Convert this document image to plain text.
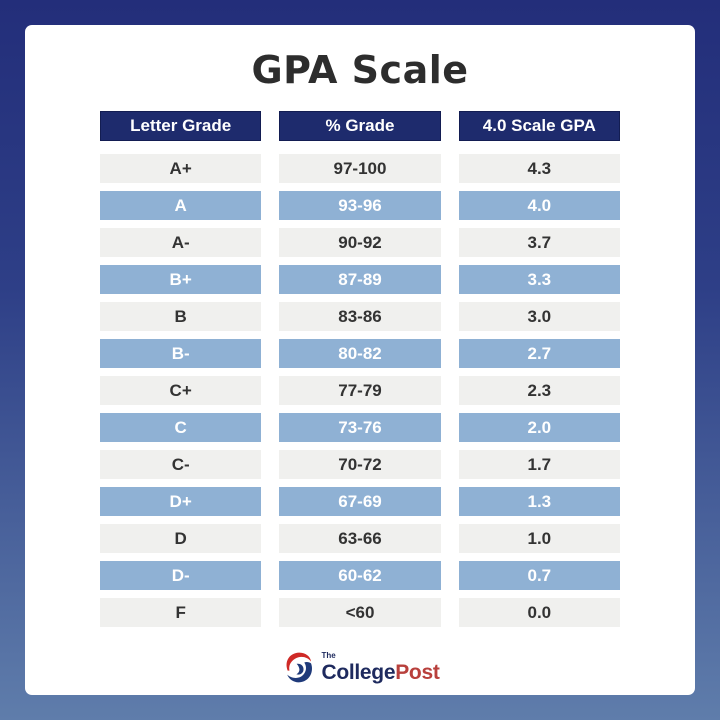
GPA Scale
Letter Grade	% Grade	4.0 Scale GPA
A+	97-100	4.3
A	93-96	4.0
A-	90-92	3.7
B+	87-89	3.3
B	83-86	3.0
B-	80-82	2.7
C+	77-79	2.3
C	73-76	2.0
C-	70-72	1.7
D+	67-69	1.3
D	63-66	1.0
D-	60-62	0.7
F	<60	0.0
The
CollegePost
